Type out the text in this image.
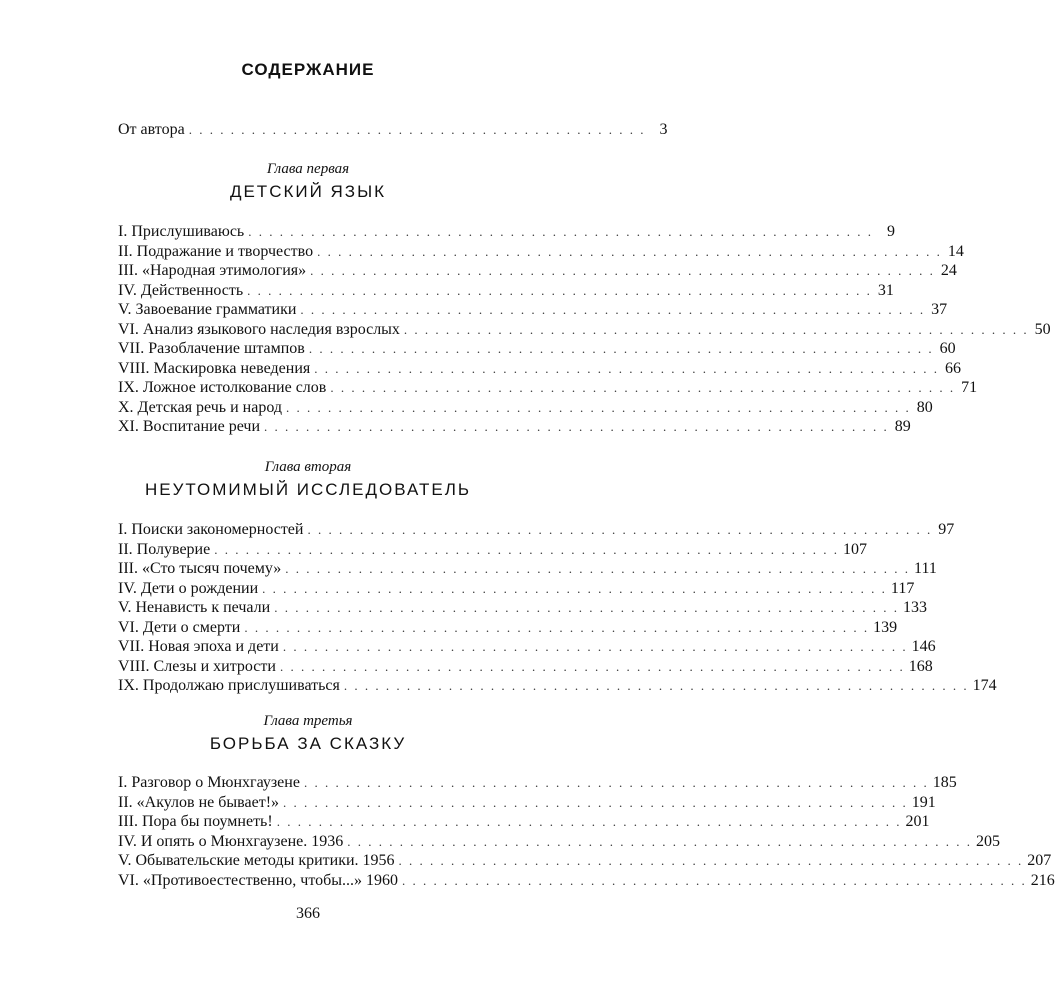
СОДЕРЖАНИЕ
От автора . . . . . . . . . . . . . . . . . . . . . . . . . . . . . . . . . . . . . . . . . . . . 3
Глава первая
ДЕТСКИЙ ЯЗЫК
I. Прислушиваюсь . . . . . . . . . . . . . . . . . . . . . . . . . . . . . . . . . . . . . . . . . . . . . . . . . . . . . . . . . . . . 9
II. Подражание и творчество . . . . . . . . . . . . . . . . . . . . . . . . . . . . . . . . . . . . . . . . . . . . . . . . . . . . . . . . . . . . 14
III. «Народная этимология» . . . . . . . . . . . . . . . . . . . . . . . . . . . . . . . . . . . . . . . . . . . . . . . . . . . . . . . . . . . . 24
IV. Действенность . . . . . . . . . . . . . . . . . . . . . . . . . . . . . . . . . . . . . . . . . . . . . . . . . . . . . . . . . . . . 31
V. Завоевание грамматики . . . . . . . . . . . . . . . . . . . . . . . . . . . . . . . . . . . . . . . . . . . . . . . . . . . . . . . . . . . . 37
VI. Анализ языкового наследия взрослых . . . . . . . . . . . . . . . . . . . . . . . . . . . . . . . . . . . . . . . . . . . . . . . . . . . . . . . . . . . . 50
VII. Разоблачение штампов . . . . . . . . . . . . . . . . . . . . . . . . . . . . . . . . . . . . . . . . . . . . . . . . . . . . . . . . . . . . 60
VIII. Маскировка неведения . . . . . . . . . . . . . . . . . . . . . . . . . . . . . . . . . . . . . . . . . . . . . . . . . . . . . . . . . . . . 66
IX. Ложное истолкование слов . . . . . . . . . . . . . . . . . . . . . . . . . . . . . . . . . . . . . . . . . . . . . . . . . . . . . . . . . . . . 71
X. Детская речь и народ . . . . . . . . . . . . . . . . . . . . . . . . . . . . . . . . . . . . . . . . . . . . . . . . . . . . . . . . . . . . 80
XI. Воспитание речи . . . . . . . . . . . . . . . . . . . . . . . . . . . . . . . . . . . . . . . . . . . . . . . . . . . . . . . . . . . . 89
Глава вторая
НЕУТОМИМЫЙ ИССЛЕДОВАТЕЛЬ
I. Поиски закономерностей . . . . . . . . . . . . . . . . . . . . . . . . . . . . . . . . . . . . . . . . . . . . . . . . . . . . . . . . . . . . 97
II. Полуверие . . . . . . . . . . . . . . . . . . . . . . . . . . . . . . . . . . . . . . . . . . . . . . . . . . . . . . . . . . . . 107
III. «Сто тысяч почему» . . . . . . . . . . . . . . . . . . . . . . . . . . . . . . . . . . . . . . . . . . . . . . . . . . . . . . . . . . . . 111
IV. Дети о рождении . . . . . . . . . . . . . . . . . . . . . . . . . . . . . . . . . . . . . . . . . . . . . . . . . . . . . . . . . . . . 117
V. Ненависть к печали . . . . . . . . . . . . . . . . . . . . . . . . . . . . . . . . . . . . . . . . . . . . . . . . . . . . . . . . . . . . 133
VI. Дети о смерти . . . . . . . . . . . . . . . . . . . . . . . . . . . . . . . . . . . . . . . . . . . . . . . . . . . . . . . . . . . . 139
VII. Новая эпоха и дети . . . . . . . . . . . . . . . . . . . . . . . . . . . . . . . . . . . . . . . . . . . . . . . . . . . . . . . . . . . . 146
VIII. Слезы и хитрости . . . . . . . . . . . . . . . . . . . . . . . . . . . . . . . . . . . . . . . . . . . . . . . . . . . . . . . . . . . . 168
IX. Продолжаю прислушиваться . . . . . . . . . . . . . . . . . . . . . . . . . . . . . . . . . . . . . . . . . . . . . . . . . . . . . . . . . . . . 174
Глава третья
БОРЬБА ЗА СКАЗКУ
I. Разговор о Мюнхгаузене . . . . . . . . . . . . . . . . . . . . . . . . . . . . . . . . . . . . . . . . . . . . . . . . . . . . . . . . . . . . 185
II. «Акулов не бывает!» . . . . . . . . . . . . . . . . . . . . . . . . . . . . . . . . . . . . . . . . . . . . . . . . . . . . . . . . . . . . 191
III. Пора бы поумнеть! . . . . . . . . . . . . . . . . . . . . . . . . . . . . . . . . . . . . . . . . . . . . . . . . . . . . . . . . . . . . 201
IV. И опять о Мюнхгаузене. 1936 . . . . . . . . . . . . . . . . . . . . . . . . . . . . . . . . . . . . . . . . . . . . . . . . . . . . . . . . . . . . 205
V. Обывательские методы критики. 1956 . . . . . . . . . . . . . . . . . . . . . . . . . . . . . . . . . . . . . . . . . . . . . . . . . . . . . . . . . . . . 207
VI. «Противоестественно, чтобы...» 1960 . . . . . . . . . . . . . . . . . . . . . . . . . . . . . . . . . . . . . . . . . . . . . . . . . . . . . . . . . . . . 216
366
